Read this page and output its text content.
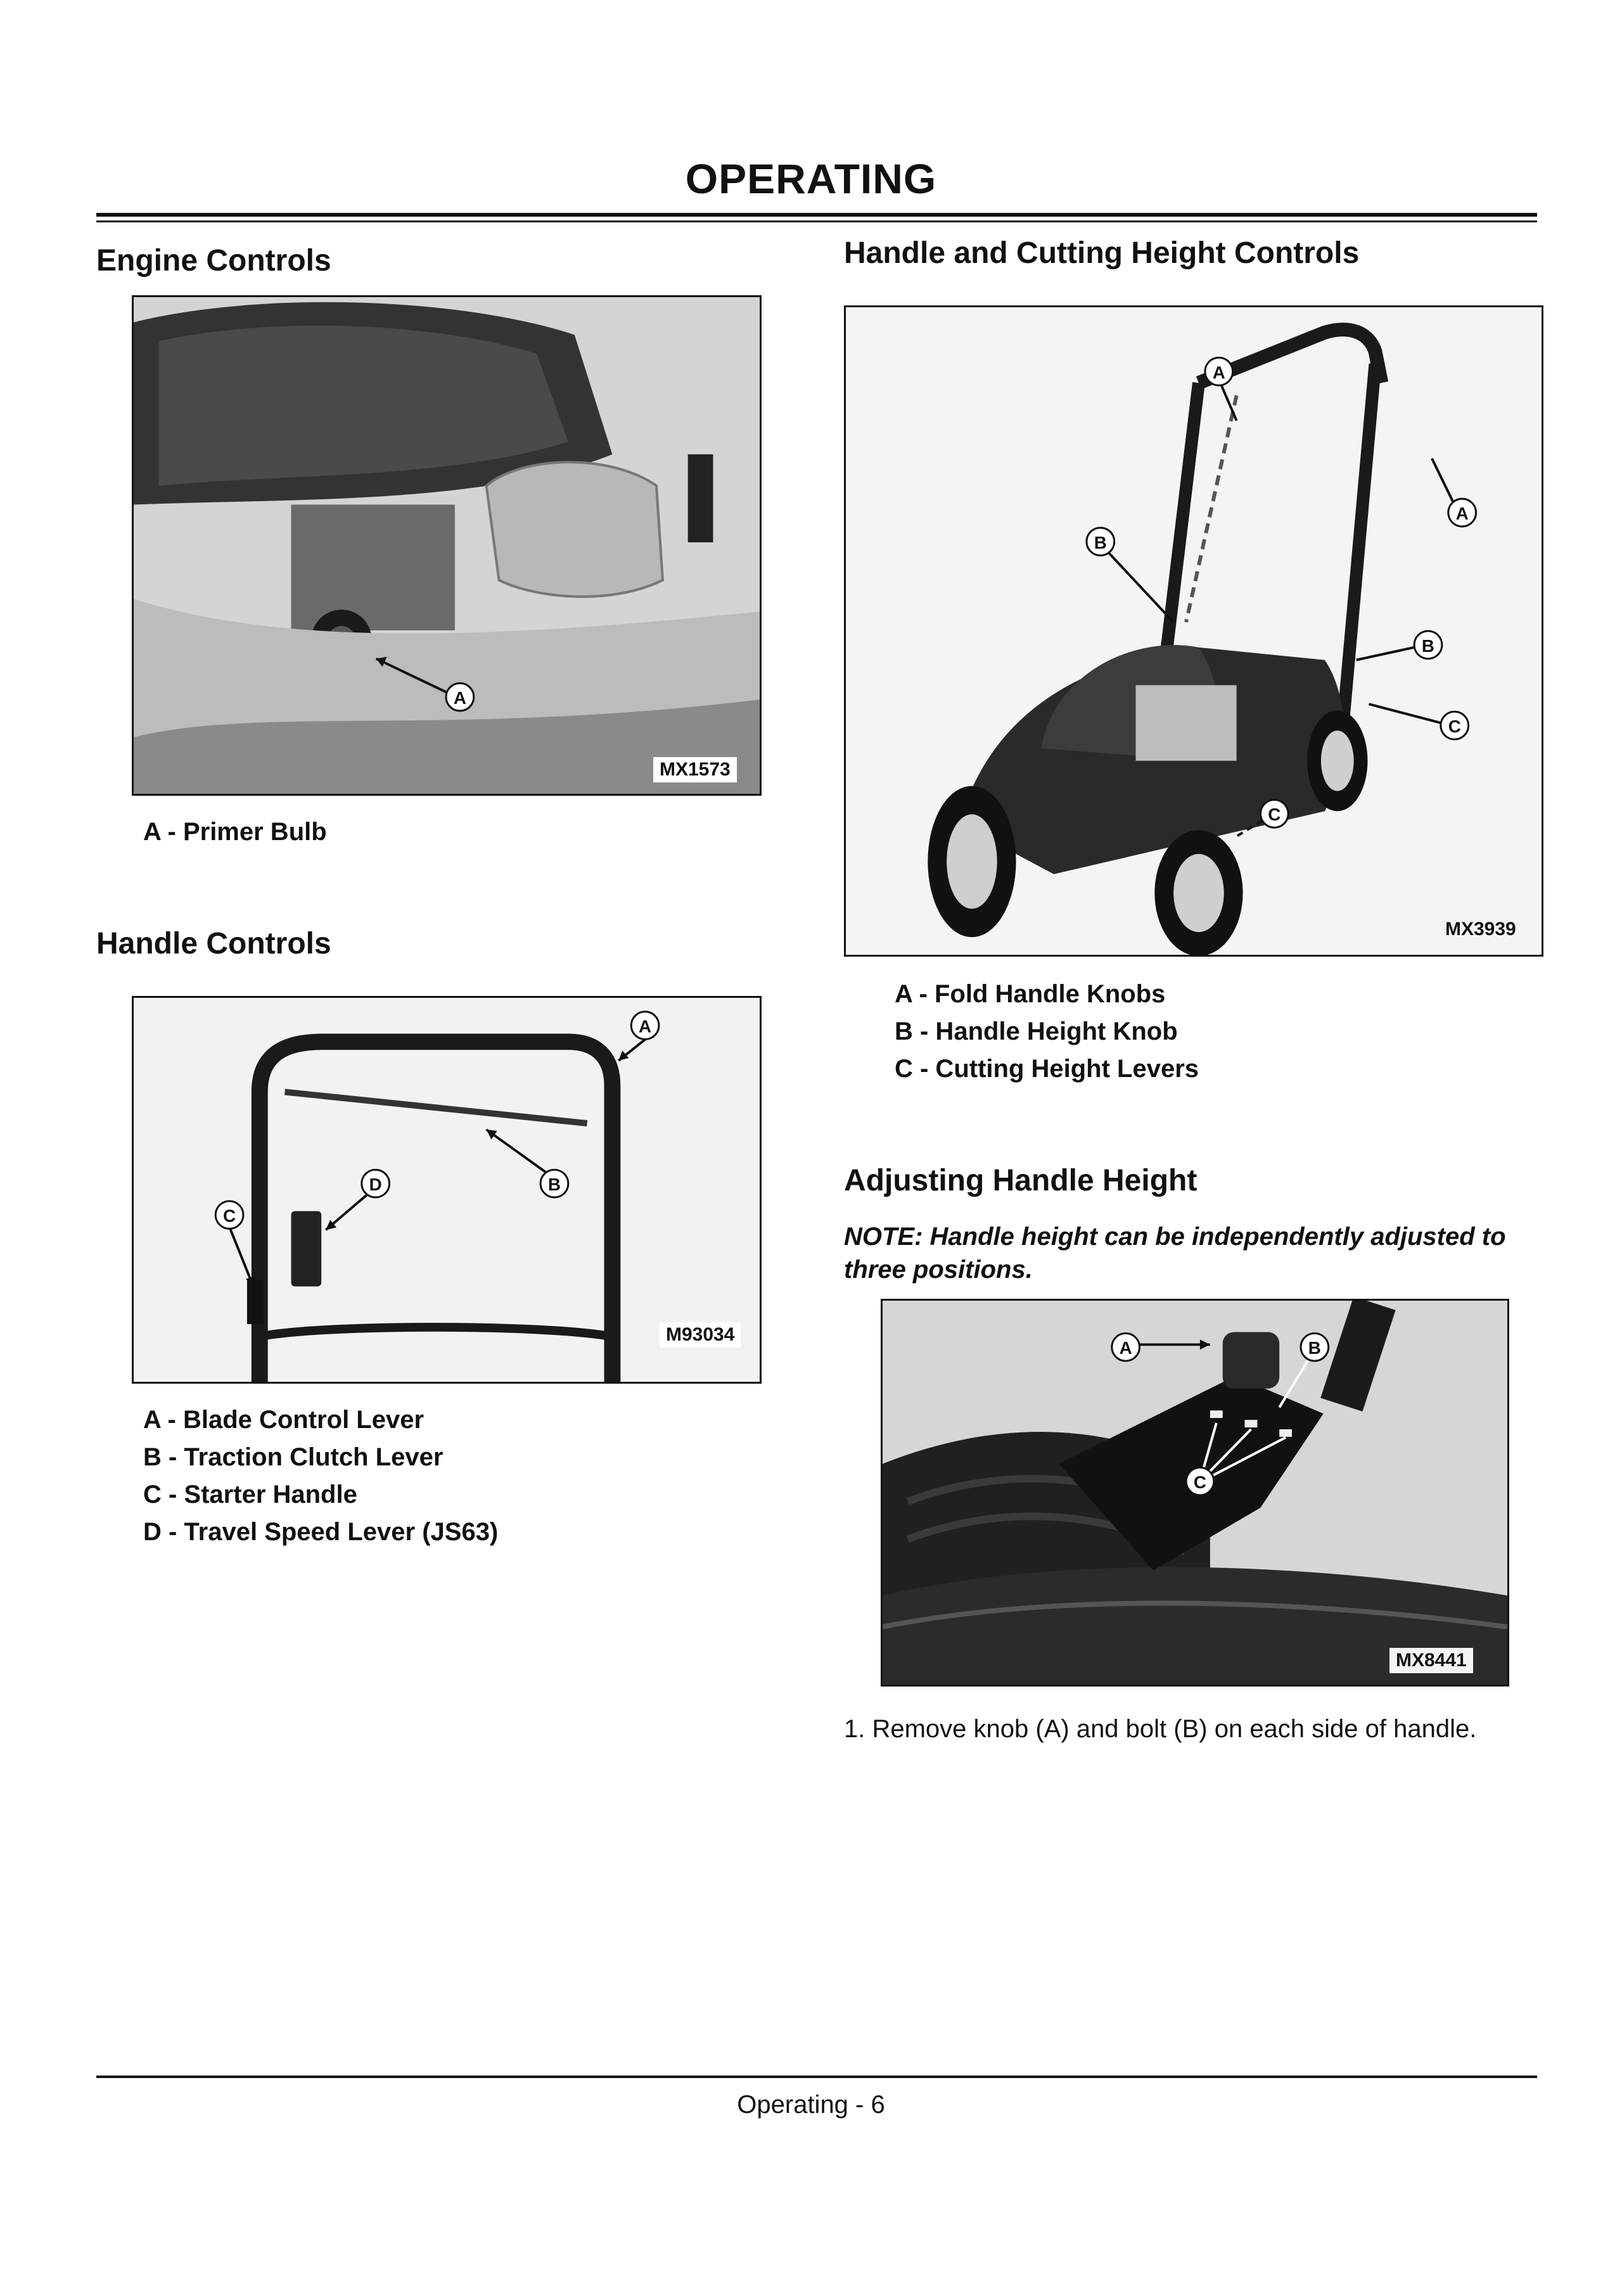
OPERATING
Engine Controls
A
MX1573
A - Primer Bulb
Handle Controls
A
B
C
D
M93034
A - Blade Control Lever
B - Traction Clutch Lever
C - Starter Handle
D - Travel Speed Lever (JS63)
Handle and Cutting Height Controls
A
A
B
B
C
C
MX3939
A - Fold Handle Knobs
B - Handle Height Knob
C - Cutting Height Levers
Adjusting Handle Height
NOTE: Handle height can be independently adjusted to three positions.
A	B
C
MX8441
1. Remove knob (A) and bolt (B) on each side of handle.
Operating - 6
